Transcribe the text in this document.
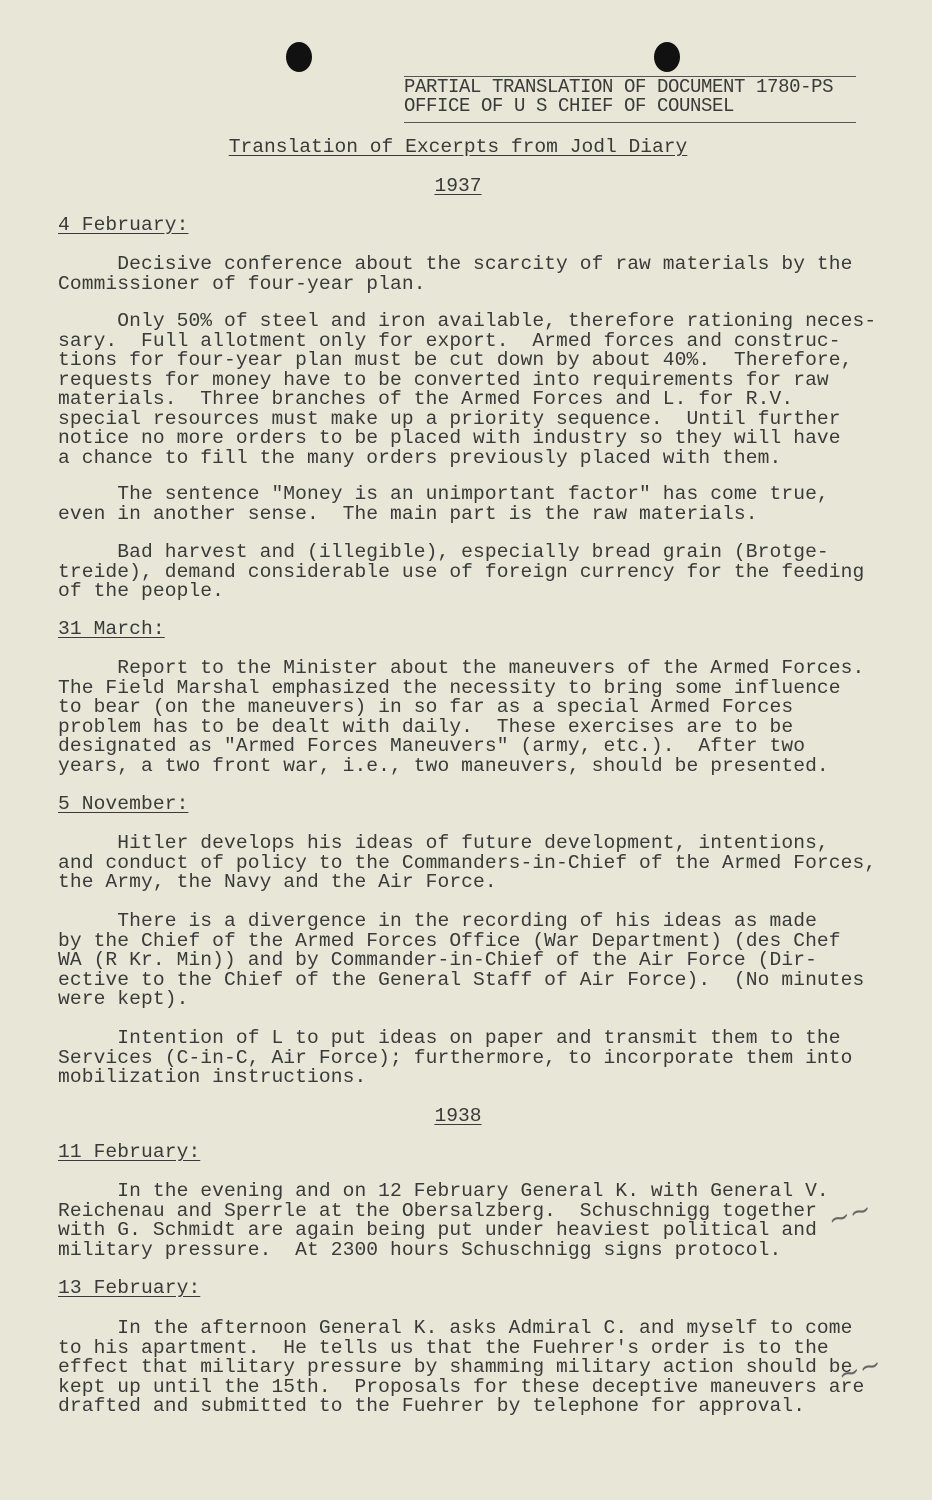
PARTIAL TRANSLATION OF DOCUMENT 1780-PS
OFFICE OF U S CHIEF OF COUNSEL
Translation of Excerpts from Jodl Diary
1937
4 February:
Decisive conference about the scarcity of raw materials by the
Commissioner of four-year plan.
Only 50% of steel and iron available, therefore rationing neces-
sary.  Full allotment only for export.  Armed forces and construc-
tions for four-year plan must be cut down by about 40%.  Therefore,
requests for money have to be converted into requirements for raw
materials.  Three branches of the Armed Forces and L. for R.V.
special resources must make up a priority sequence.  Until further
notice no more orders to be placed with industry so they will have
a chance to fill the many orders previously placed with them.
The sentence "Money is an unimportant factor" has come true,
even in another sense.  The main part is the raw materials.
Bad harvest and (illegible), especially bread grain (Brotge-
treide), demand considerable use of foreign currency for the feeding
of the people.
31 March:
Report to the Minister about the maneuvers of the Armed Forces.
The Field Marshal emphasized the necessity to bring some influence
to bear (on the maneuvers) in so far as a special Armed Forces
problem has to be dealt with daily.  These exercises are to be
designated as "Armed Forces Maneuvers" (army, etc.).  After two
years, a two front war, i.e., two maneuvers, should be presented.
5 November:
Hitler develops his ideas of future development, intentions,
and conduct of policy to the Commanders-in-Chief of the Armed Forces,
the Army, the Navy and the Air Force.
There is a divergence in the recording of his ideas as made
by the Chief of the Armed Forces Office (War Department) (des Chef
WA (R Kr. Min)) and by Commander-in-Chief of the Air Force (Dir-
ective to the Chief of the General Staff of Air Force).  (No minutes
were kept).
Intention of L to put ideas on paper and transmit them to the
Services (C-in-C, Air Force); furthermore, to incorporate them into
mobilization instructions.
1938
11 February:
In the evening and on 12 February General K. with General V.
Reichenau and Sperrle at the Obersalzberg.  Schuschnigg together
with G. Schmidt are again being put under heaviest political and
military pressure.  At 2300 hours Schuschnigg signs protocol.
13 February:
In the afternoon General K. asks Admiral C. and myself to come
to his apartment.  He tells us that the Fuehrer's order is to the
effect that military pressure by shamming military action should be
kept up until the 15th.  Proposals for these deceptive maneuvers are
drafted and submitted to the Fuehrer by telephone for approval.
~~
~~
